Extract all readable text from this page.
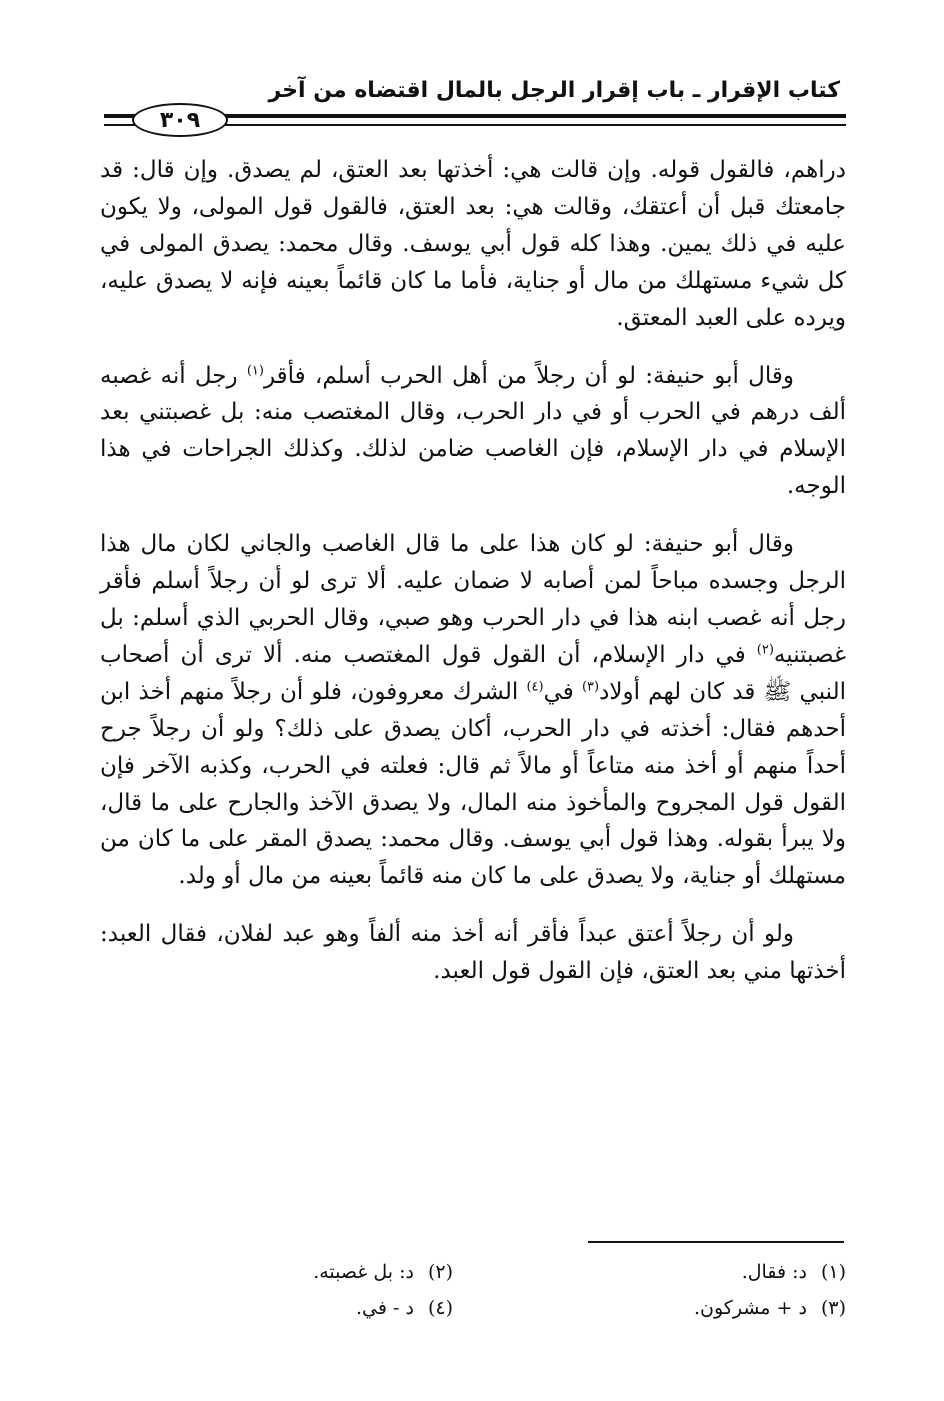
كتاب الإقرار ـ باب إقرار الرجل بالمال اقتضاه من آخر
٣٠٩

دراهم، فالقول قوله. وإن قالت هي: أخذتها بعد العتق، لم يصدق. وإن قال: قد جامعتك قبل أن أعتقك، وقالت هي: بعد العتق، فالقول قول المولى، ولا يكون عليه في ذلك يمين. وهذا كله قول أبي يوسف. وقال محمد: يصدق المولى في كل شيء مستهلك من مال أو جناية، فأما ما كان قائماً بعينه فإنه لا يصدق عليه، ويرده على العبد المعتق.

وقال أبو حنيفة: لو أن رجلاً من أهل الحرب أسلم، فأقر$^{(١)}$ رجل أنه غصبه ألف درهم في الحرب أو في دار الحرب، وقال المغتصب منه: بل غصبتني بعد الإسلام في دار الإسلام، فإن الغاصب ضامن لذلك. وكذلك الجراحات في هذا الوجه.

وقال أبو حنيفة: لو كان هذا على ما قال الغاصب والجاني لكان مال هذا الرجل وجسده مباحاً لمن أصابه لا ضمان عليه. ألا ترى لو أن رجلاً أسلم فأقر رجل أنه غصب ابنه هذا في دار الحرب وهو صبي، وقال الحربي الذي أسلم: بل غصبتنيه$^{(٢)}$ في دار الإسلام، أن القول قول المغتصب منه. ألا ترى أن أصحاب النبي ﷺ قد كان لهم أولاد$^{(٣)}$ في$^{(٤)}$ الشرك معروفون، فلو أن رجلاً منهم أخذ ابن أحدهم فقال: أخذته في دار الحرب، أكان يصدق على ذلك؟ ولو أن رجلاً جرح أحداً منهم أو أخذ منه متاعاً أو مالاً ثم قال: فعلته في الحرب، وكذبه الآخر فإن القول قول المجروح والمأخوذ منه المال، ولا يصدق الآخذ والجارح على ما قال، ولا يبرأ بقوله. وهذا قول أبي يوسف. وقال محمد: يصدق المقر على ما كان من مستهلك أو جناية، ولا يصدق على ما كان منه قائماً بعينه من مال أو ولد.

ولو أن رجلاً أعتق عبداً فأقر أنه أخذ منه ألفاً وهو عبد لفلان، فقال العبد: أخذتها مني بعد العتق، فإن القول قول العبد.

(١)د: فقال.
(٢)د: بل غصبته.
(٣)د + مشركون.
(٤)د - في.
